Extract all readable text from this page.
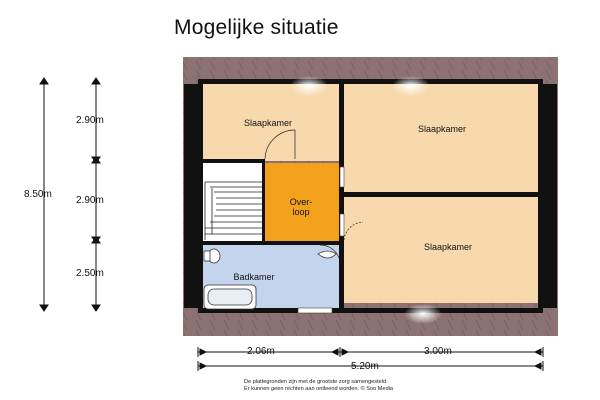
Mogelijke situatie
Slaapkamer
Slaapkamer
Slaapkamer
Over-
loop
Badkamer
8.50m
2.90m
2.90m
2.50m
2.06m	3.00m
5.20m
De plattegronden zijn met de grootste zorg samengesteld.
Er kunnen geen rechten aan ontleend worden. © Soo Media
